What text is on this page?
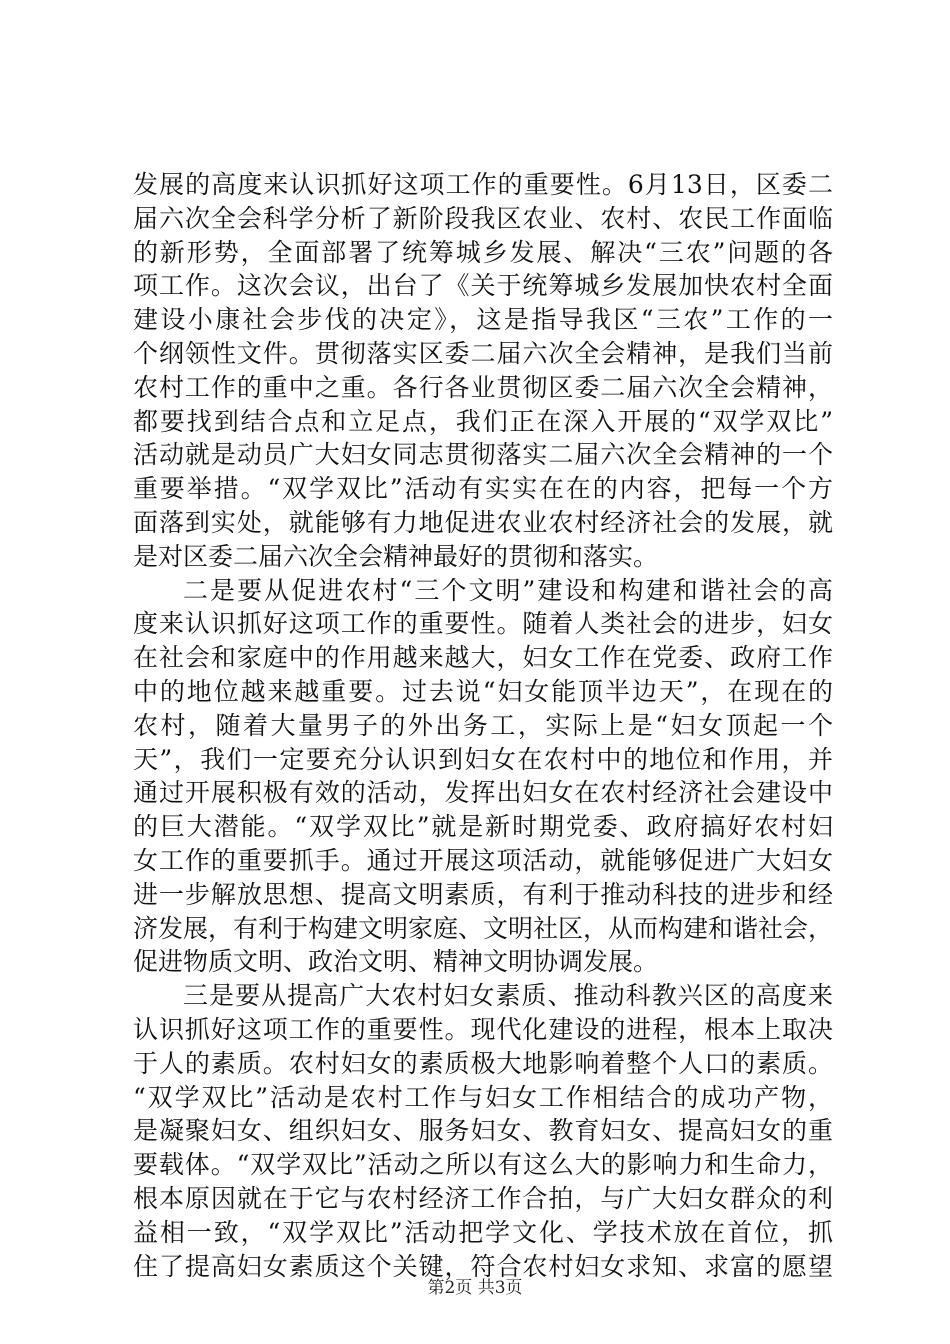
发展的高度来认识抓好这项工作的重要性。6月13日，区委二
届六次全会科学分析了新阶段我区农业、农村、农民工作面临
的新形势，全面部署了统筹城乡发展、解决“三农”问题的各
项工作。这次会议，出台了《关于统筹城乡发展加快农村全面
建设小康社会步伐的决定》，这是指导我区“三农”工作的一
个纲领性文件。贯彻落实区委二届六次全会精神，是我们当前
农村工作的重中之重。各行各业贯彻区委二届六次全会精神，
都要找到结合点和立足点，我们正在深入开展的“双学双比”
活动就是动员广大妇女同志贯彻落实二届六次全会精神的一个
重要举措。“双学双比”活动有实实在在的内容，把每一个方
面落到实处，就能够有力地促进农业农村经济社会的发展，就
是对区委二届六次全会精神最好的贯彻和落实。
二是要从促进农村“三个文明”建设和构建和谐社会的高
度来认识抓好这项工作的重要性。随着人类社会的进步，妇女
在社会和家庭中的作用越来越大，妇女工作在党委、政府工作
中的地位越来越重要。过去说“妇女能顶半边天”，在现在的
农村，随着大量男子的外出务工，实际上是“妇女顶起一个
天”，我们一定要充分认识到妇女在农村中的地位和作用，并
通过开展积极有效的活动，发挥出妇女在农村经济社会建设中
的巨大潜能。“双学双比”就是新时期党委、政府搞好农村妇
女工作的重要抓手。通过开展这项活动，就能够促进广大妇女
进一步解放思想、提高文明素质，有利于推动科技的进步和经
济发展，有利于构建文明家庭、文明社区，从而构建和谐社会，
促进物质文明、政治文明、精神文明协调发展。
三是要从提高广大农村妇女素质、推动科教兴区的高度来
认识抓好这项工作的重要性。现代化建设的进程，根本上取决
于人的素质。农村妇女的素质极大地影响着整个人口的素质。
“双学双比”活动是农村工作与妇女工作相结合的成功产物，
是凝聚妇女、组织妇女、服务妇女、教育妇女、提高妇女的重
要载体。“双学双比”活动之所以有这么大的影响力和生命力，
根本原因就在于它与农村经济工作合拍，与广大妇女群众的利
益相一致，“双学双比”活动把学文化、学技术放在首位，抓
住了提高妇女素质这个关键，符合农村妇女求知、求富的愿望
第2页 共3页
